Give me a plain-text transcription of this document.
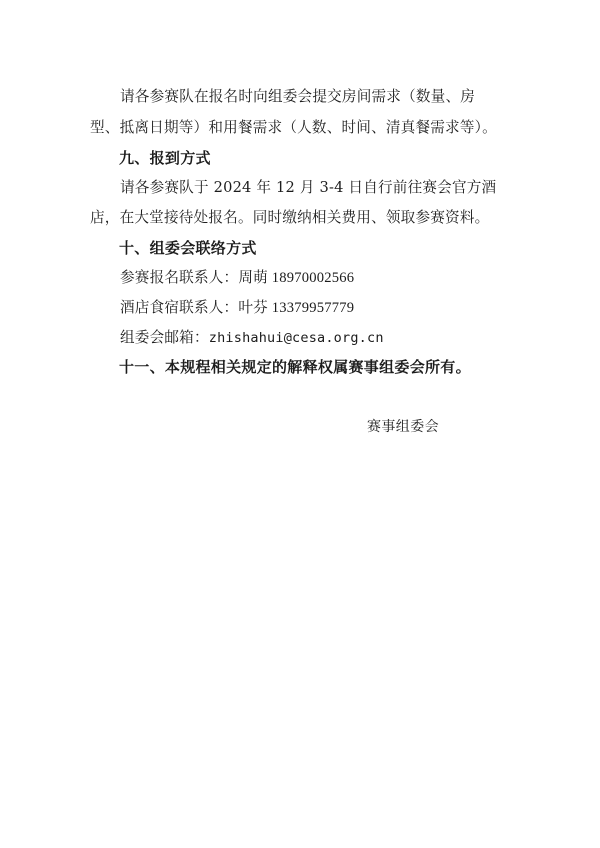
请各参赛队在报名时向组委会提交房间需求（数量、房
型、抵离日期等）和用餐需求（人数、时间、清真餐需求等）。
九、报到方式
请各参赛队于 2024 年 12 月 3-4 日自行前往赛会官方酒
店，在大堂接待处报名。同时缴纳相关费用、领取参赛资料。
十、组委会联络方式
参赛报名联系人：周萌 18970002566
酒店食宿联系人：叶芬 13379957779
组委会邮箱：zhishahui@cesa.org.cn
十一、本规程相关规定的解释权属赛事组委会所有。
赛事组委会
